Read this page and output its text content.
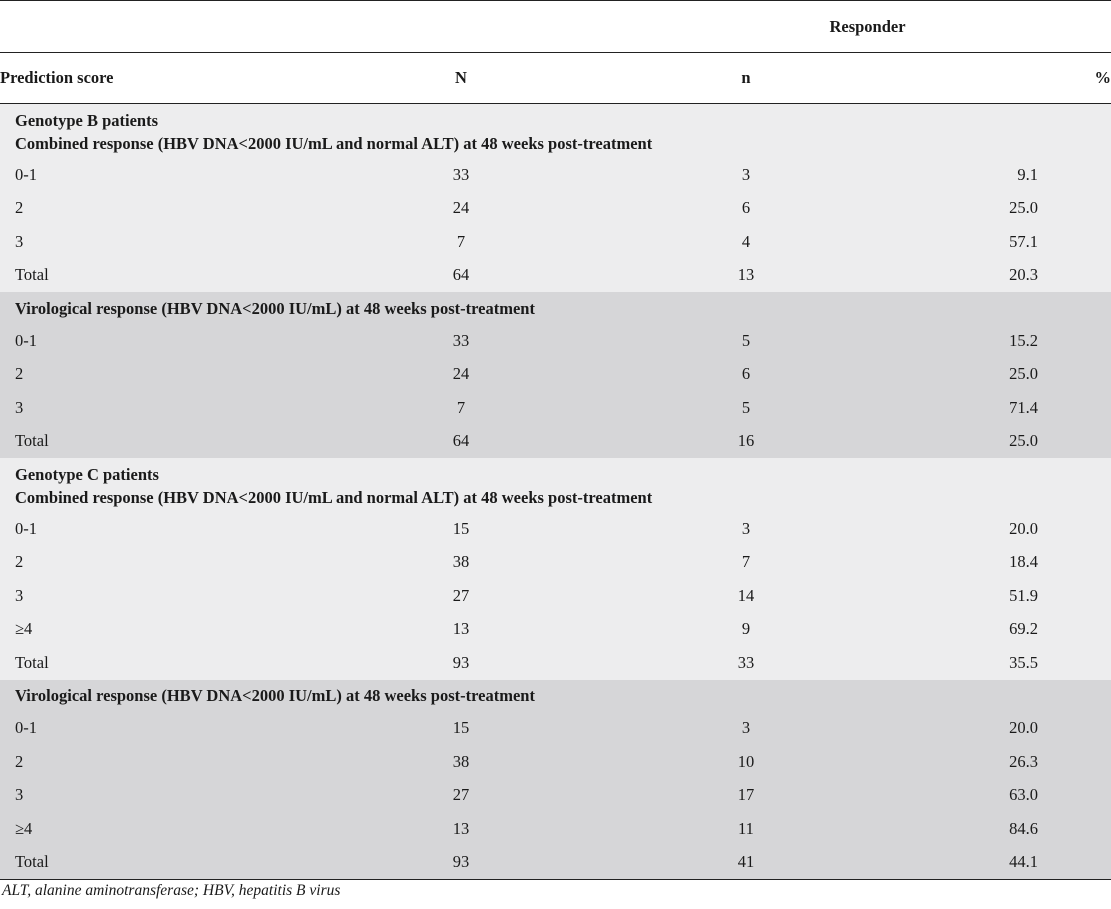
		Responder	
Prediction score	N	n	%

Genotype B patients
Combined response (HBV DNA<2000 IU/mL and normal ALT) at 48 weeks post-treatment			

0-1	33	3	9.1
2	24	6	25.0
3	7	4	57.1
Total	64	13	20.3

Virological response (HBV DNA<2000 IU/mL) at 48 weeks post-treatment			

0-1	33	5	15.2
2	24	6	25.0
3	7	5	71.4
Total	64	16	25.0

Genotype C patients
Combined response (HBV DNA<2000 IU/mL and normal ALT) at 48 weeks post-treatment			

0-1	15	3	20.0
2	38	7	18.4
3	27	14	51.9
≥4	13	9	69.2
Total	93	33	35.5

Virological response (HBV DNA<2000 IU/mL) at 48 weeks post-treatment			

0-1	15	3	20.0
2	38	10	26.3
3	27	17	63.0
≥4	13	11	84.6
Total	93	41	44.1
ALT, alanine aminotransferase; HBV, hepatitis B virus
